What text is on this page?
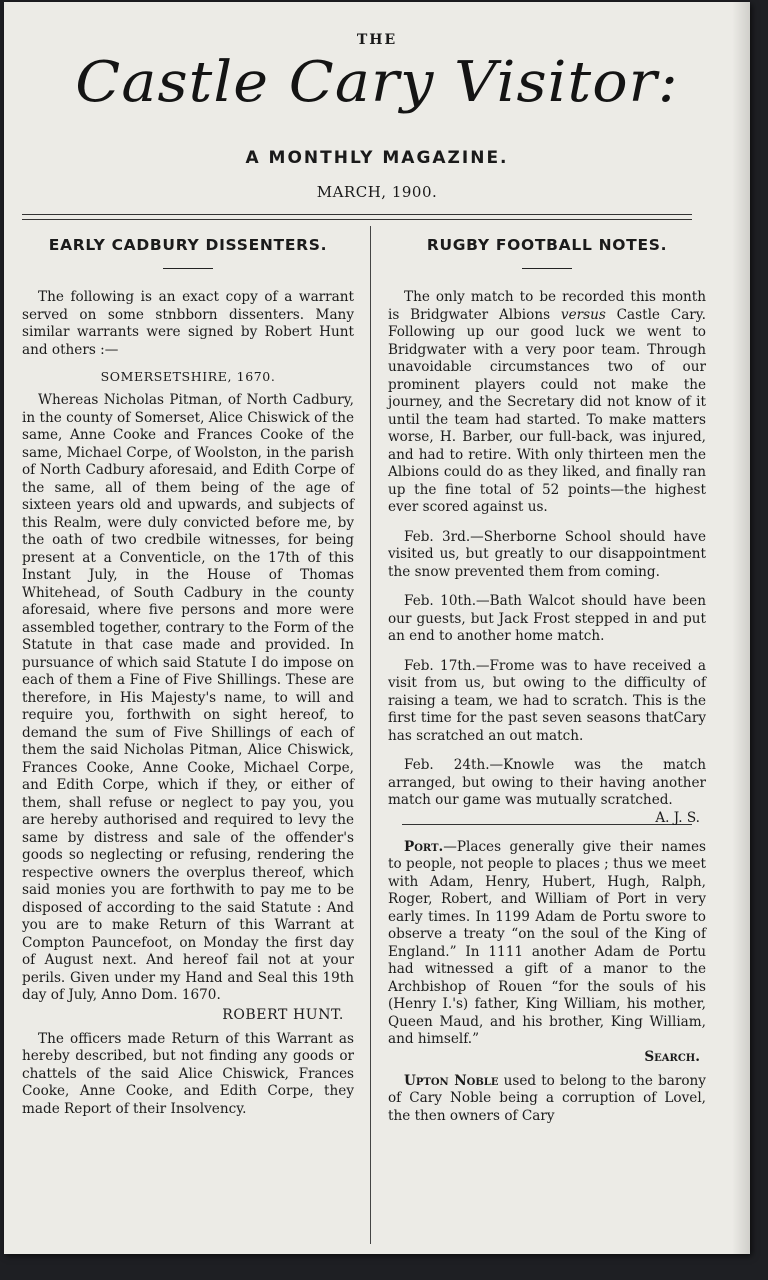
THE
Castle Cary Visitor:
A MONTHLY MAGAZINE.
MARCH, 1900.
EARLY CADBURY DISSENTERS.

The following is an exact copy of a warrant served on some stnbborn dissenters. Many similar warrants were signed by Robert Hunt and others :—

SOMERSETSHIRE, 1670.

Whereas Nicholas Pitman, of North Cadbury, in the county of Somerset, Alice Chiswick of the same, Anne Cooke and Frances Cooke of the same, Michael Corpe, of Woolston, in the parish of North Cadbury aforesaid, and Edith Corpe of the same, all of them being of the age of sixteen years old and upwards, and subjects of this Realm, were duly convicted before me, by the oath of two credbile witnesses, for being present at a Conventicle, on the 17th of this Instant July, in the House of Thomas Whitehead, of South Cadbury in the county aforesaid, where five persons and more were assembled together, contrary to the Form of the Statute in that case made and provided. In pursuance of which said Statute I do impose on each of them a Fine of Five Shillings. These are therefore, in His Majesty's name, to will and require you, forthwith on sight hereof, to demand the sum of Five Shillings of each of them the said Nicholas Pitman, Alice Chiswick, Frances Cooke, Anne Cooke, Michael Corpe, and Edith Corpe, which if they, or either of them, shall refuse or neglect to pay you, you are hereby authorised and required to levy the same by distress and sale of the offender's goods so neglecting or refusing, rendering the respective owners the overplus thereof, which said monies you are forthwith to pay me to be disposed of according to the said Statute : And you are to make Return of this Warrant at Compton Pauncefoot, on Monday the first day of August next. And hereof fail not at your perils. Given under my Hand and Seal this 19th day of July, Anno Dom. 1670.

ROBERT HUNT.

The officers made Return of this Warrant as hereby described, but not finding any goods or chattels of the said Alice Chiswick, Frances Cooke, Anne Cooke, and Edith Corpe, they made Report of their Insolvency.

RUGBY FOOTBALL NOTES.

The only match to be recorded this month is Bridgwater Albions versus Castle Cary. Following up our good luck we went to Bridgwater with a very poor team. Through unavoidable circumstances two of our prominent players could not make the journey, and the Secretary did not know of it until the team had started. To make matters worse, H. Barber, our full-back, was injured, and had to retire. With only thirteen men the Albions could do as they liked, and finally ran up the fine total of 52 points—the highest ever scored against us.

Feb. 3rd.—Sherborne School should have visited us, but greatly to our disappointment the snow prevented them from coming.

Feb. 10th.—Bath Walcot should have been our guests, but Jack Frost stepped in and put an end to another home match.

Feb. 17th.—Frome was to have received a visit from us, but owing to the difficulty of raising a team, we had to scratch. This is the first time for the past seven seasons thatCary has scratched an out match.

Feb. 24th.—Knowle was the match arranged, but owing to their having another match our game was mutually scratched.
A. J. S.

Port.—Places generally give their names to people, not people to places ; thus we meet with Adam, Henry, Hubert, Hugh, Ralph, Roger, Robert, and William of Port in very early times. In 1199 Adam de Portu swore to observe a treaty “on the soul of the King of England.” In 1111 another Adam de Portu had witnessed a gift of a manor to the Archbishop of Rouen “for the souls of his (Henry I.'s) father, King William, his mother, Queen Maud, and his brother, King William, and himself.”

Search.

Upton Noble used to belong to the barony of Cary Noble being a corruption of Lovel, the then owners of Cary
